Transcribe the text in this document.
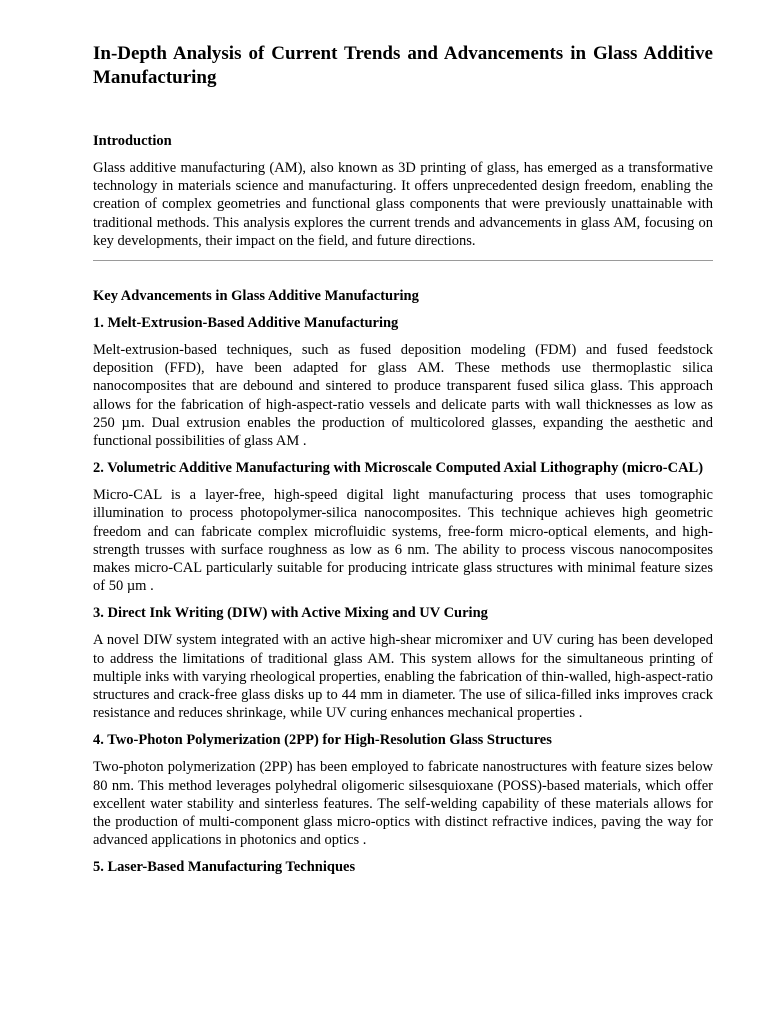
In-Depth Analysis of Current Trends and Advancements in Glass Additive Manufacturing
Introduction

Glass additive manufacturing (AM), also known as 3D printing of glass, has emerged as a transformative technology in materials science and manufacturing. It offers unprecedented design freedom, enabling the creation of complex geometries and functional glass components that were previously unattainable with traditional methods. This analysis explores the current trends and advancements in glass AM, focusing on key developments, their impact on the field, and future directions.

Key Advancements in Glass Additive Manufacturing
1. Melt-Extrusion-Based Additive Manufacturing

Melt-extrusion-based techniques, such as fused deposition modeling (FDM) and fused feedstock deposition (FFD), have been adapted for glass AM. These methods use thermoplastic silica nanocomposites that are debound and sintered to produce transparent fused silica glass. This approach allows for the fabrication of high-aspect-ratio vessels and delicate parts with wall thicknesses as low as 250 µm. Dual extrusion enables the production of multicolored glasses, expanding the aesthetic and functional possibilities of glass AM .

2. Volumetric Additive Manufacturing with Microscale Computed Axial Lithography (micro-CAL)

Micro-CAL is a layer-free, high-speed digital light manufacturing process that uses tomographic illumination to process photopolymer-silica nanocomposites. This technique achieves high geometric freedom and can fabricate complex microfluidic systems, free-form micro-optical elements, and high-strength trusses with surface roughness as low as 6 nm. The ability to process viscous nanocomposites makes micro-CAL particularly suitable for producing intricate glass structures with minimal feature sizes of 50 µm .

3. Direct Ink Writing (DIW) with Active Mixing and UV Curing

A novel DIW system integrated with an active high-shear micromixer and UV curing has been developed to address the limitations of traditional glass AM. This system allows for the simultaneous printing of multiple inks with varying rheological properties, enabling the fabrication of thin-walled, high-aspect-ratio structures and crack-free glass disks up to 44 mm in diameter. The use of silica-filled inks improves crack resistance and reduces shrinkage, while UV curing enhances mechanical properties .

4. Two-Photon Polymerization (2PP) for High-Resolution Glass Structures

Two-photon polymerization (2PP) has been employed to fabricate nanostructures with feature sizes below 80 nm. This method leverages polyhedral oligomeric silsesquioxane (POSS)-based materials, which offer excellent water stability and sinterless features. The self-welding capability of these materials allows for the production of multi-component glass micro-optics with distinct refractive indices, paving the way for advanced applications in photonics and optics .

5. Laser-Based Manufacturing Techniques
